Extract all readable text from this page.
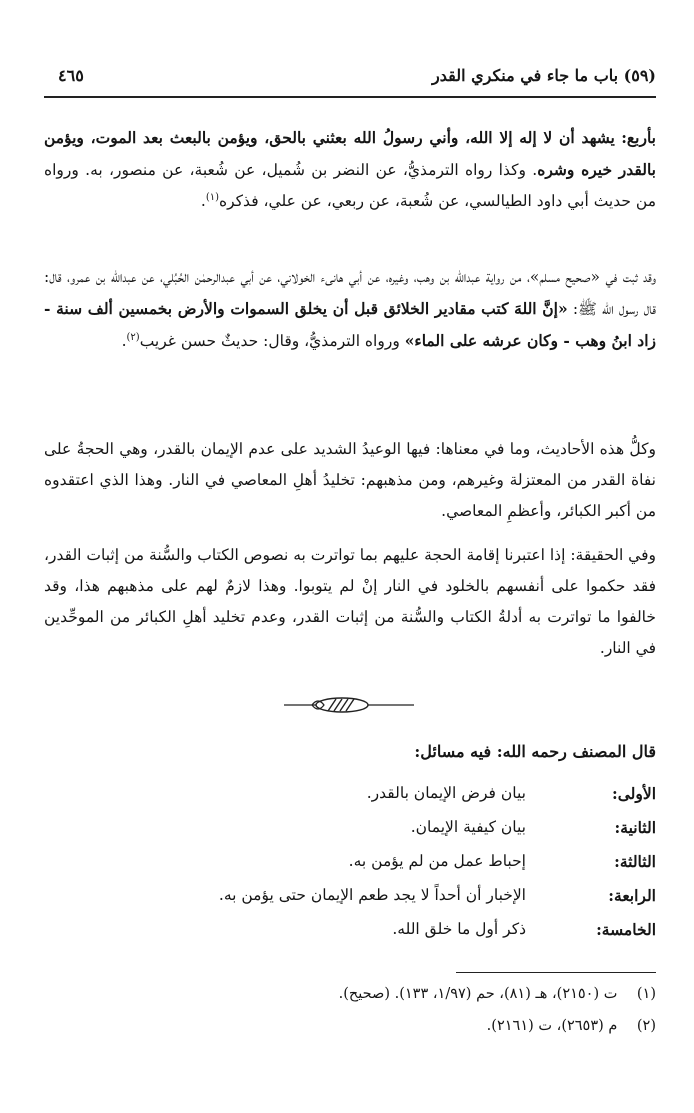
(٥٩) باب ما جاء في منكري القدر
٤٦٥

بأربع: يشهد أن لا إله إلا الله، وأني رسولُ الله بعثني بالحق، ويؤمن بالبعث بعد الموت، ويؤمن بالقدر خيره وشره. وكذا رواه الترمذيُّ، عن النضر بن شُميل، عن شُعبة، عن منصور، به. ورواه من حديث أبي داود الطيالسي، عن شُعبة، عن ربعي، عن علي، فذكره$^{(١)}$.

وقد ثبت في «صحيح مسلم»، من رواية عبدالله بن وهب، وغيره، عن أبي هانىء الخولاني، عن أبي عبدالرحمٰن الحُبُلي، عن عبدالله بن عمرو، قال: قال رسول الله ﷺ: «إنَّ اللهَ كتب مقادير الخلائق قبل أن يخلق السموات والأرض بخمسين ألف سنة - زاد ابنُ وهب - وكان عرشه على الماء» ورواه الترمذيُّ، وقال: حديثٌ حسن غريب$^{(٢)}$.

وكلُّ هذه الأحاديث، وما في معناها: فيها الوعيدُ الشديد على عدم الإيمان بالقدر، وهي الحجةُ على نفاة القدر من المعتزلة وغيرهم، ومن مذهبهم: تخليدُ أهلِ المعاصي في النار. وهذا الذي اعتقدوه من أكبر الكبائر، وأعظمِ المعاصي.

وفي الحقيقة: إذا اعتبرنا إقامة الحجة عليهم بما تواترت به نصوص الكتاب والسُّنة من إثبات القدر، فقد حكموا على أنفسهم بالخلود في النار إنْ لم يتوبوا. وهذا لازمٌ لهم على مذهبهم هذا، وقد خالفوا ما تواترت به أدلةُ الكتاب والسُّنة من إثبات القدر، وعدم تخليد أهلِ الكبائر من الموحِّدين في النار.

قال المصنف رحمه الله: فيه مسائل:
الأولى:
بيان فرض الإيمان بالقدر.
الثانية:
بيان كيفية الإيمان.
الثالثة:
إحباط عمل من لم يؤمن به.
الرابعة:
الإخبار أن أحداً لا يجد طعم الإيمان حتى يؤمن به.
الخامسة:
ذكر أول ما خلق الله.
(١) ت (٢١٥٠)، هـ (٨١)، حم (١/٩٧، ١٣٣). (صحيح).
(٢) م (٢٦٥٣)، ت (٢١٦١).
